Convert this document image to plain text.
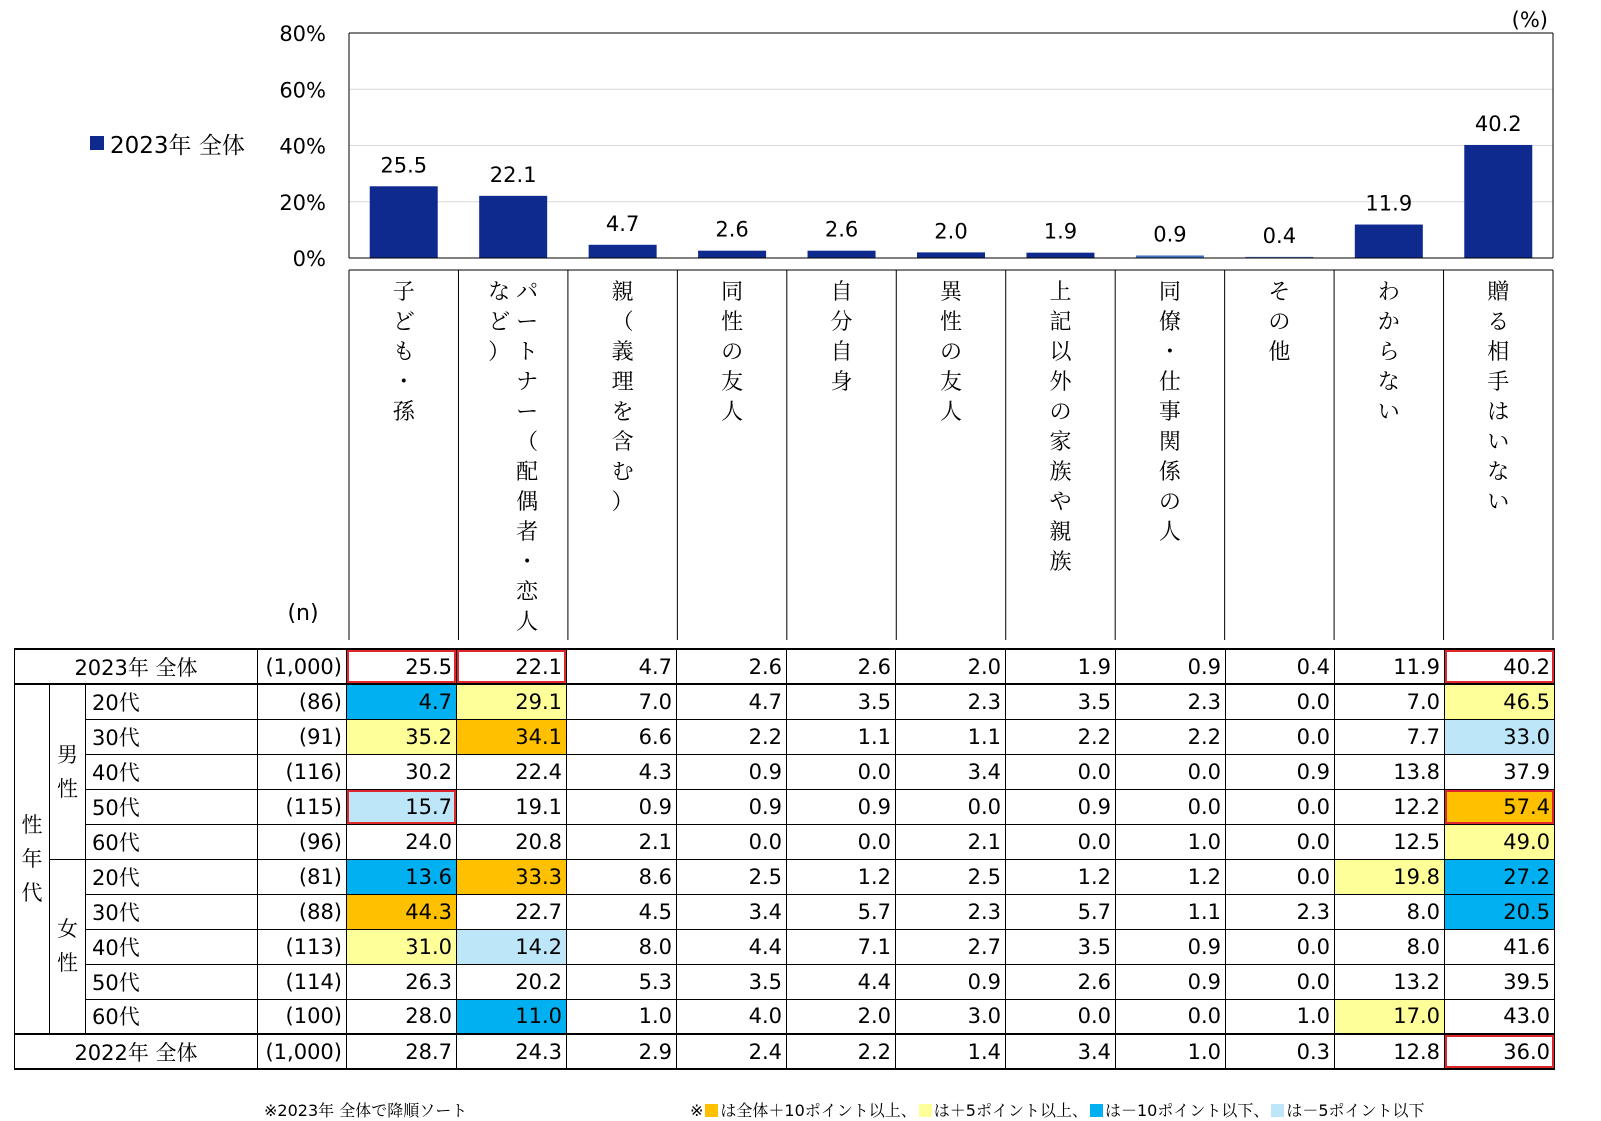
0%
20%
40%
60%
80%
25.5	22.1
4.7	2.6	2.6	2.0	1.9	0.9	0.4
11.9
40.2
2023年 全体
(%)
(n)
子
ど
も
・
孫
パ
ー
ト
ナ
ー
（
配
偶
者
・
恋
人
な
ど
）
親
（
義
理
を
含
む
）
同
性
の
友
人
自
分
自
身
異
性
の
友
人
上
記
以
外
の
家
族
や
親
族
同
僚
・
仕
事
関
係
の
人
そ
の
他
わ
か
ら
な
い
贈
る
相
手
は
い
な
い
2023年 全体			(1,000)	25.5	22.1	4.7	2.6	2.6	2.0	1.9	0.9	0.4	11.9	40.2

性
年
代	男
性	20代	(86)	4.7	29.1	7.0	4.7	3.5	2.3	3.5	2.3	0.0	7.0	46.5
		30代	(91)	35.2	34.1	6.6	2.2	1.1	1.1	2.2	2.2	0.0	7.7	33.0
		40代	(116)	30.2	22.4	4.3	0.9	0.0	3.4	0.0	0.0	0.9	13.8	37.9
		50代	(115)	15.7	19.1	0.9	0.9	0.9	0.0	0.9	0.0	0.0	12.2	57.4
		60代	(96)	24.0	20.8	2.1	0.0	0.0	2.1	0.0	1.0	0.0	12.5	49.0

	女
性	20代	(81)	13.6	33.3	8.6	2.5	1.2	2.5	1.2	1.2	0.0	19.8	27.2
		30代	(88)	44.3	22.7	4.5	3.4	5.7	2.3	5.7	1.1	2.3	8.0	20.5
		40代	(113)	31.0	14.2	8.0	4.4	7.1	2.7	3.5	0.9	0.0	8.0	41.6
		50代	(114)	26.3	20.2	5.3	3.5	4.4	0.9	2.6	0.9	0.0	13.2	39.5
		60代	(100)	28.0	11.0	1.0	4.0	2.0	3.0	0.0	0.0	1.0	17.0	43.0
2022年 全体			(1,000)	28.7	24.3	2.9	2.4	2.2	1.4	3.4	1.0	0.3	12.8	36.0
※2023年 全体で降順ソート	※ は全体＋10ポイント以上、 は＋5ポイント以上、 は－10ポイント以下、 は－5ポイント以下
